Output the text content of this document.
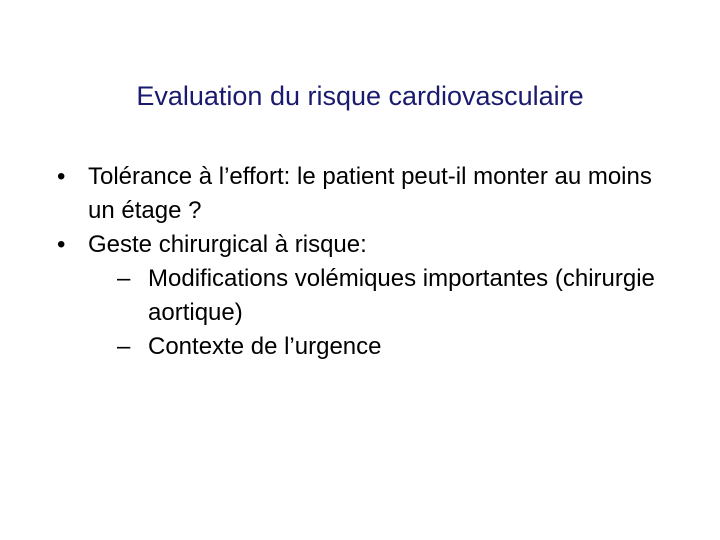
Evaluation du risque cardiovasculaire
• Tolérance à l’effort: le patient peut-il monter au moins un étage ?
• Geste chirurgical à risque:
– Modifications volémiques importantes (chirurgie aortique)
– Contexte de l’urgence
